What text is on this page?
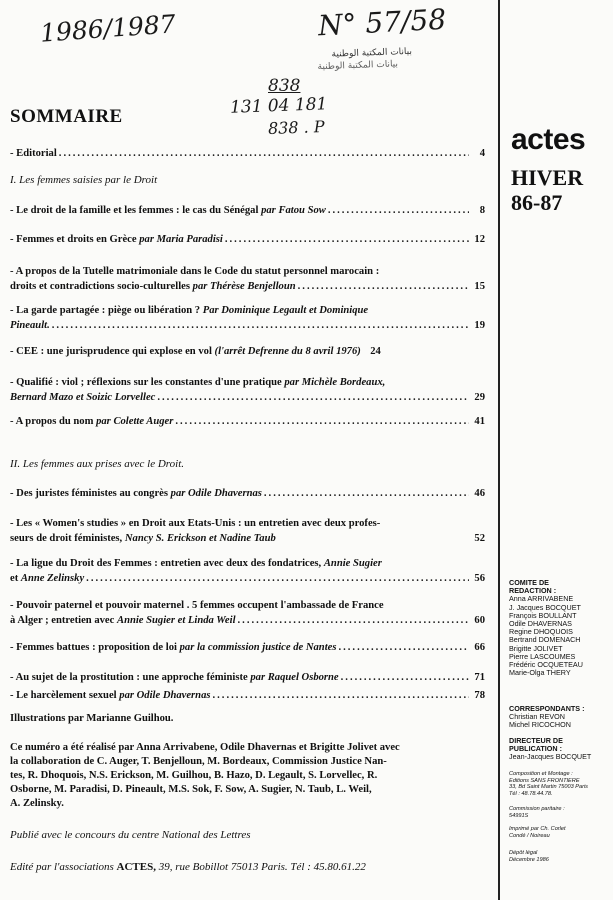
1986/1987	N° 57/58
بيانات المكتبة الوطنية
بيانات المكتبة الوطنية
838
131 04 181
838 . P
SOMMAIRE
- Editorial .....	4
I. Les femmes saisies par le Droit
- Le droit de la famille et les femmes : le cas du Sénégal par Fatou Sow .....	8
- Femmes et droits en Grèce par Maria Paradisi .....	12
- A propos de la Tutelle matrimoniale dans le Code du statut personnel marocain :
droits et contradictions socio-culturelles par Thérèse Benjelloun .....	15
- La garde partagée : piège ou libération ? Par Dominique Legault et Dominique
Pineault. .....	19
- CEE : une jurisprudence qui explose en vol (l'arrêt Defrenne du 8 avril 1976) 24
- Qualifié : viol ; réflexions sur les constantes d'une pratique par Michèle Bordeaux,
Bernard Mazo et Soizic Lorvellec .....	29
- A propos du nom par Colette Auger .....	41
II. Les femmes aux prises avec le Droit.
- Des juristes féministes au congrès par Odile Dhavernas .....	46
- Les « Women's studies » en Droit aux Etats-Unis : un entretien avec deux profes-
seurs de droit féministes, Nancy S. Erickson et Nadine Taub	52
- La ligue du Droit des Femmes : entretien avec deux des fondatrices, Annie Sugier
et Anne Zelinsky .....	56
- Pouvoir paternel et pouvoir maternel . 5 femmes occupent l'ambassade de France
à Alger ; entretien avec Annie Sugier et Linda Weil .....	60
- Femmes battues : proposition de loi par la commission justice de Nantes .....	66
- Au sujet de la prostitution : une approche féministe par Raquel Osborne .....	71
- Le harcèlement sexuel par Odile Dhavernas .....	78
Illustrations par Marianne Guilhou.
Ce numéro a été réalisé par Anna Arrivabene, Odile Dhavernas et Brigitte Jolivet avec
la collaboration de C. Auger, T. Benjelloun, M. Bordeaux, Commission Justice Nan-
tes, R. Dhoquois, N.S. Erickson, M. Guilhou, B. Hazo, D. Legault, S. Lorvellec, R.
Osborne, M. Paradisi, D. Pineault, M.S. Sok, F. Sow, A. Sugier, N. Taub, L. Weil,
A. Zelinsky.
Publié avec le concours du centre National des Lettres
Edité par l'associations ACTES, 39, rue Bobillot 75013 Paris. Tél : 45.80.61.22
actes
HIVER
86-87
COMITE DE
REDACTION :
Anna ARRIVABENE
J. Jacques BOCQUET
François BOULLANT
Odile DHAVERNAS
Regine DHOQUOIS
Bertrand DOMENACH
Brigitte JOLIVET
Pierre LASCOUMES
Frédéric OCQUETEAU
Marie-Olga THERY
CORRESPONDANTS :
Christian REVON
Michel RICOCHON
DIRECTEUR DE
PUBLICATION :
Jean-Jacques BOCQUET
Composition et Montage :
Editions SANS FRONTIERE
33, Bd Saint Martin 75003 Paris
Tél : 48.78.44.78.
Commission paritaire :
54991S
Imprimé par Ch. Corlet
Condé / Noireau
Dépôt légal
Décembre 1986
